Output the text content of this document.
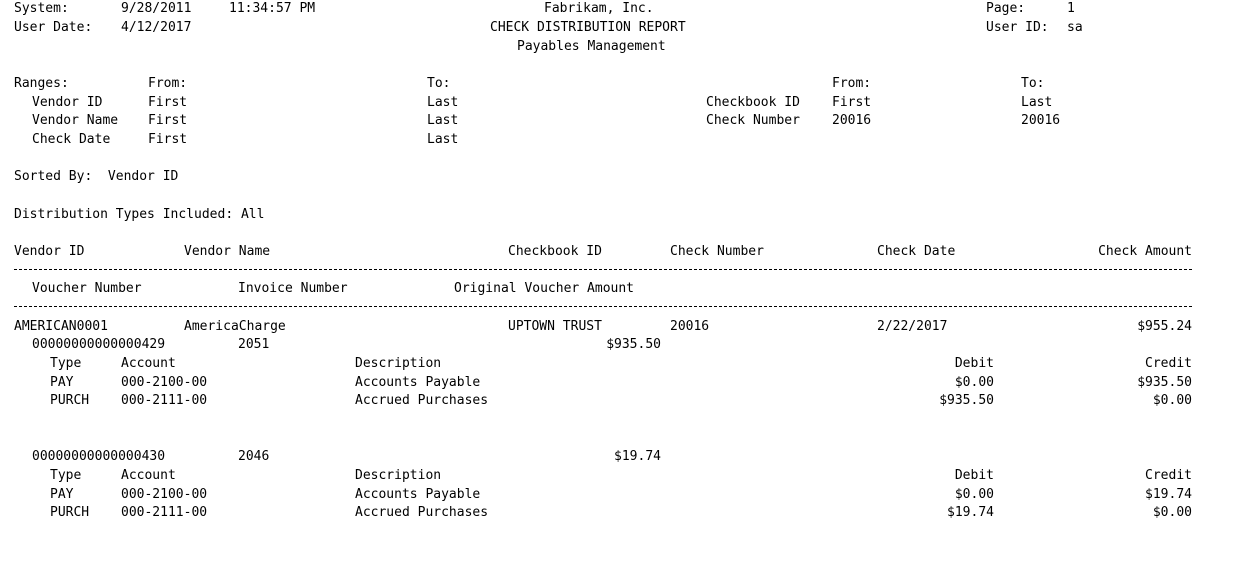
System:	9/28/2011	11:34:57 PM	Fabrikam, Inc.	Page:	1
User Date: 4/12/2017	CHECK DISTRIBUTION REPORT	User ID: sa
Payables Management
Ranges:	From:	To:	From:	To:
Vendor ID	First	Last	Checkbook ID First	Last
Vendor Name First	Last	Check Number 20016	20016
Check Date	First	Last
Sorted By:  Vendor ID
Distribution Types Included: All
Vendor ID	Vendor Name	Checkbook ID	Check Number	Check Date	Check Amount
Voucher Number	Invoice Number	Original Voucher Amount
AMERICAN0001	AmericaCharge	UPTOWN TRUST	20016	2/22/2017	$955.24
00000000000000429	2051	$935.50
Type	Account	Description	Debit	Credit
PAY	000-2100-00	Accounts Payable	$0.00	$935.50
PURCH 000-2111-00	Accrued Purchases	$935.50	$0.00
00000000000000430	2046	$19.74
Type	Account	Description	Debit	Credit
PAY	000-2100-00	Accounts Payable	$0.00	$19.74
PURCH 000-2111-00	Accrued Purchases	$19.74	$0.00
